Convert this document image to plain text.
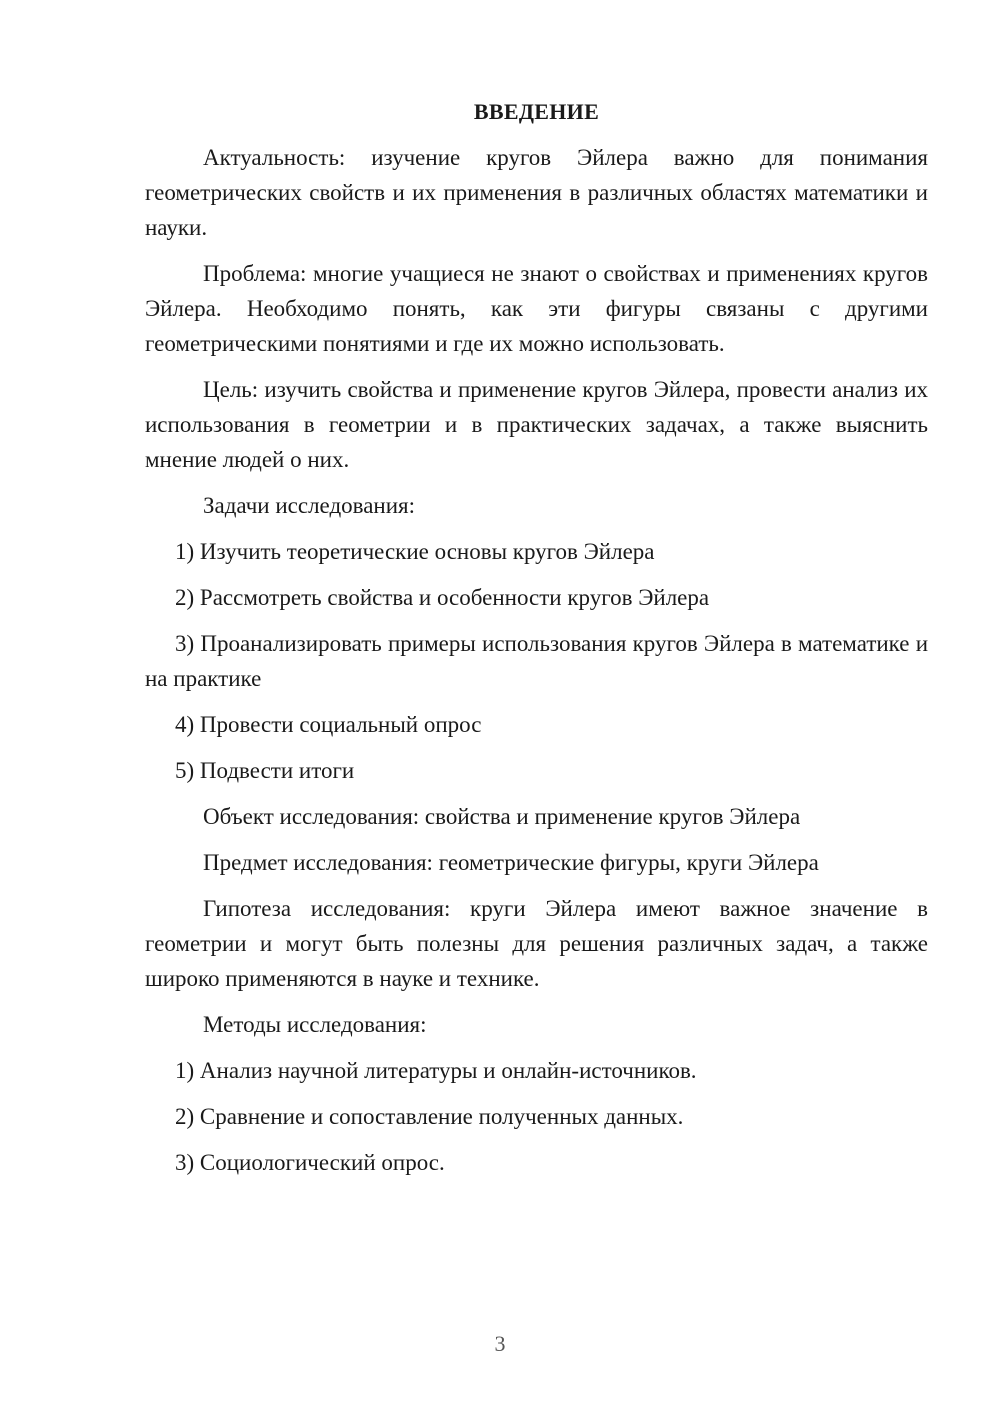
ВВЕДЕНИЕ

Актуальность: изучение кругов Эйлера важно для понимания геометрических свойств и их применения в различных областях математики и науки.

Проблема: многие учащиеся не знают о свойствах и применениях кругов Эйлера. Необходимо понять, как эти фигуры связаны с другими геометрическими понятиями и где их можно использовать.

Цель: изучить свойства и применение кругов Эйлера, провести анализ их использования в геометрии и в практических задачах, а также выяснить мнение людей о них.

Задачи исследования:

1) Изучить теоретические основы кругов Эйлера

2) Рассмотреть свойства и особенности кругов Эйлера

3) Проанализировать примеры использования кругов Эйлера в математике и на практике

4) Провести социальный опрос

5) Подвести итоги

Объект исследования: свойства и применение кругов Эйлера

Предмет исследования: геометрические фигуры, круги Эйлера

Гипотеза исследования: круги Эйлера имеют важное значение в геометрии и могут быть полезны для решения различных задач, а также широко применяются в науке и технике.

Методы исследования:

1) Анализ научной литературы и онлайн-источников.

2) Сравнение и сопоставление полученных данных.

3) Социологический опрос.

3
